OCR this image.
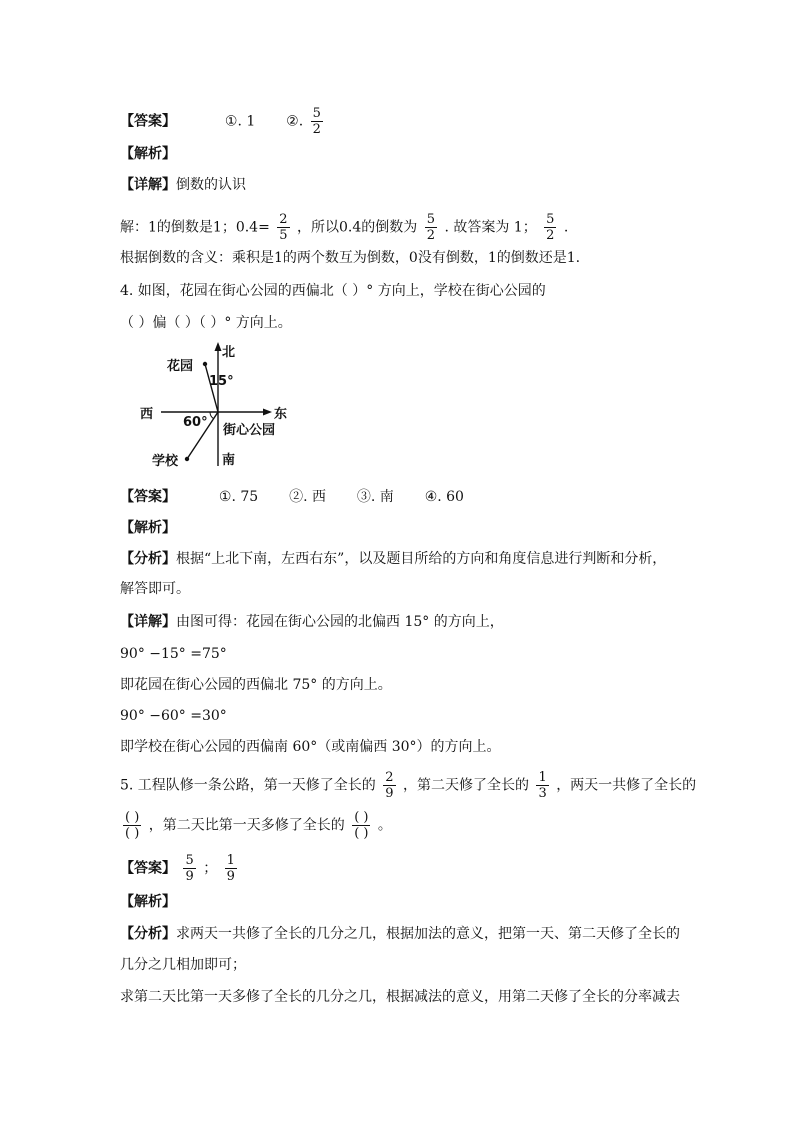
【答案】	①. 1 ②. $\frac{5}{2}$
【解析】
【详解】倒数的认识
解：1的倒数是1；$0.4= \frac{2}{5}$ ，所以0.4的倒数为 $\frac{5}{2}$ . 故答案为 1； $\frac{5}{2}$ .
根据倒数的含义：乘积是1的两个数互为倒数，0没有倒数，1的倒数还是1.
4. 如图，花园在街心公园的西偏北（ ）° 方向上，学校在街心公园的
（ ）偏（ ）（ ）° 方向上。
北
南
东
西
花园
学校
街心公园
15°
60°
【答案】	①. 75 ②. 西 ③. 南 ④. 60
【解析】
【分析】根据“上北下南，左西右东”，以及题目所给的方向和角度信息进行判断和分析，
解答即可。
【详解】由图可得：花园在街心公园的北偏西 15° 的方向上，
90° −15° =75°
即花园在街心公园的西偏北 75° 的方向上。
90° −60° =30°
即学校在街心公园的西偏南 60°（或南偏西 30°）的方向上。
5. 工程队修一条公路，第一天修了全长的 $\frac{2}{9}$ ，第二天修了全长的 $\frac{1}{3}$ ，两天一共修了全长的
$\frac{( )}{( )}$ ，第二天比第一天多修了全长的 $\frac{( )}{( )}$ 。
【答案】 $\frac{5}{9}$ ； $\frac{1}{9}$
【解析】
【分析】求两天一共修了全长的几分之几，根据加法的意义，把第一天、第二天修了全长的
几分之几相加即可；
求第二天比第一天多修了全长的几分之几，根据减法的意义，用第二天修了全长的分率减去
